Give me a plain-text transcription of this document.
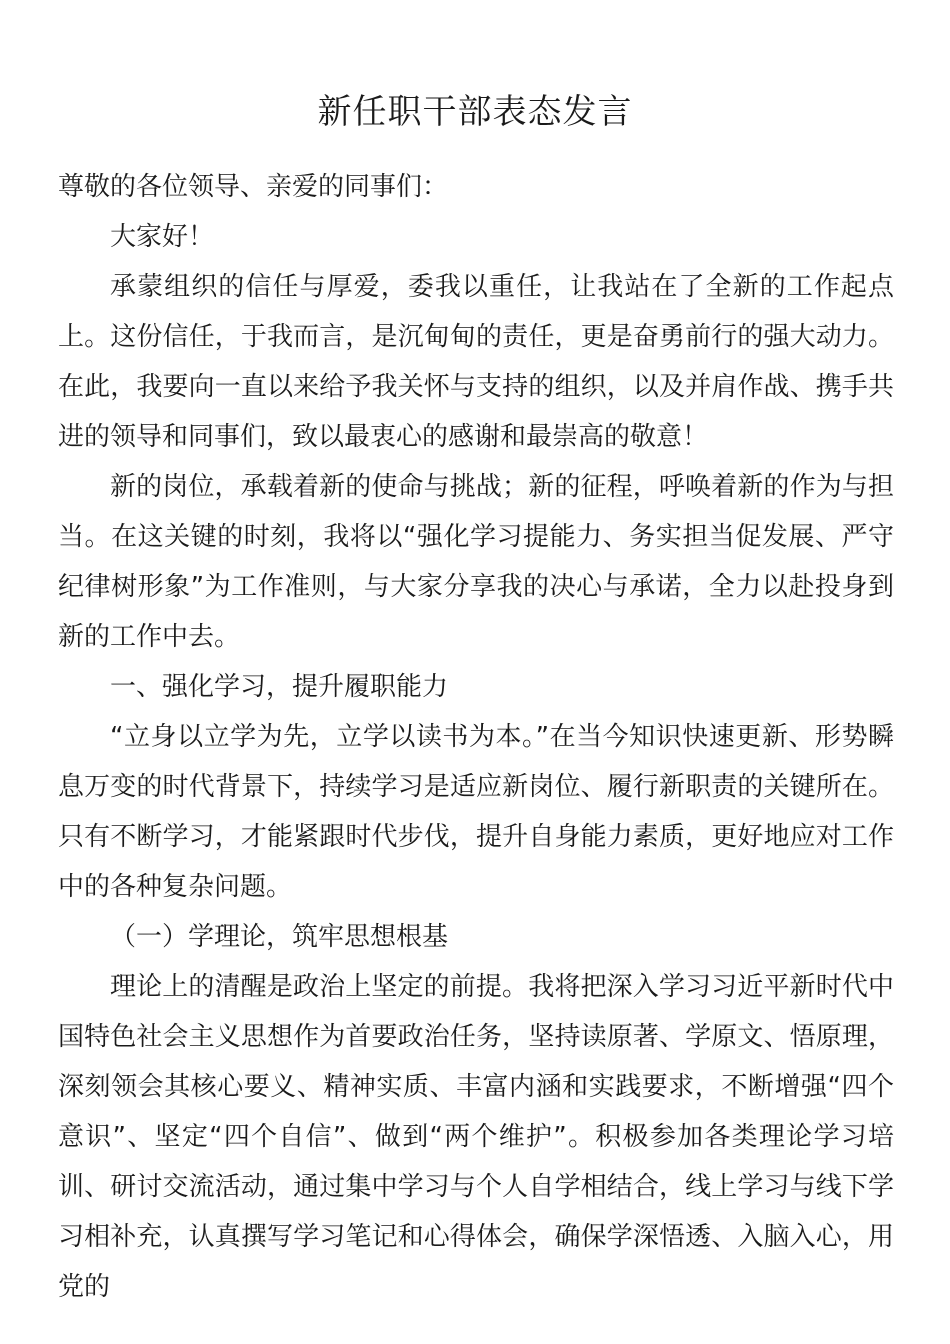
新任职干部表态发言

尊敬的各位领导、亲爱的同事们：

大家好！

承蒙组织的信任与厚爱，委我以重任，让我站在了全新的工作起点上。这份信任，于我而言，是沉甸甸的责任，更是奋勇前行的强大动力。在此，我要向一直以来给予我关怀与支持的组织，以及并肩作战、携手共进的领导和同事们，致以最衷心的感谢和最崇高的敬意！

新的岗位，承载着新的使命与挑战；新的征程，呼唤着新的作为与担当。在这关键的时刻，我将以“强化学习提能力、务实担当促发展、严守纪律树形象”为工作准则，与大家分享我的决心与承诺，全力以赴投身到新的工作中去。

一、强化学习，提升履职能力

“立身以立学为先，立学以读书为本。”在当今知识快速更新、形势瞬息万变的时代背景下，持续学习是适应新岗位、履行新职责的关键所在。只有不断学习，才能紧跟时代步伐，提升自身能力素质，更好地应对工作中的各种复杂问题。

（一）学理论，筑牢思想根基

理论上的清醒是政治上坚定的前提。我将把深入学习习近平新时代中国特色社会主义思想作为首要政治任务，坚持读原著、学原文、悟原理，深刻领会其核心要义、精神实质、丰富内涵和实践要求，不断增强“四个意识”、坚定“四个自信”、做到“两个维护”。积极参加各类理论学习培训、研讨交流活动，通过集中学习与个人自学相结合，线上学习与线下学习相补充，认真撰写学习笔记和心得体会，确保学深悟透、入脑入心，用党的
